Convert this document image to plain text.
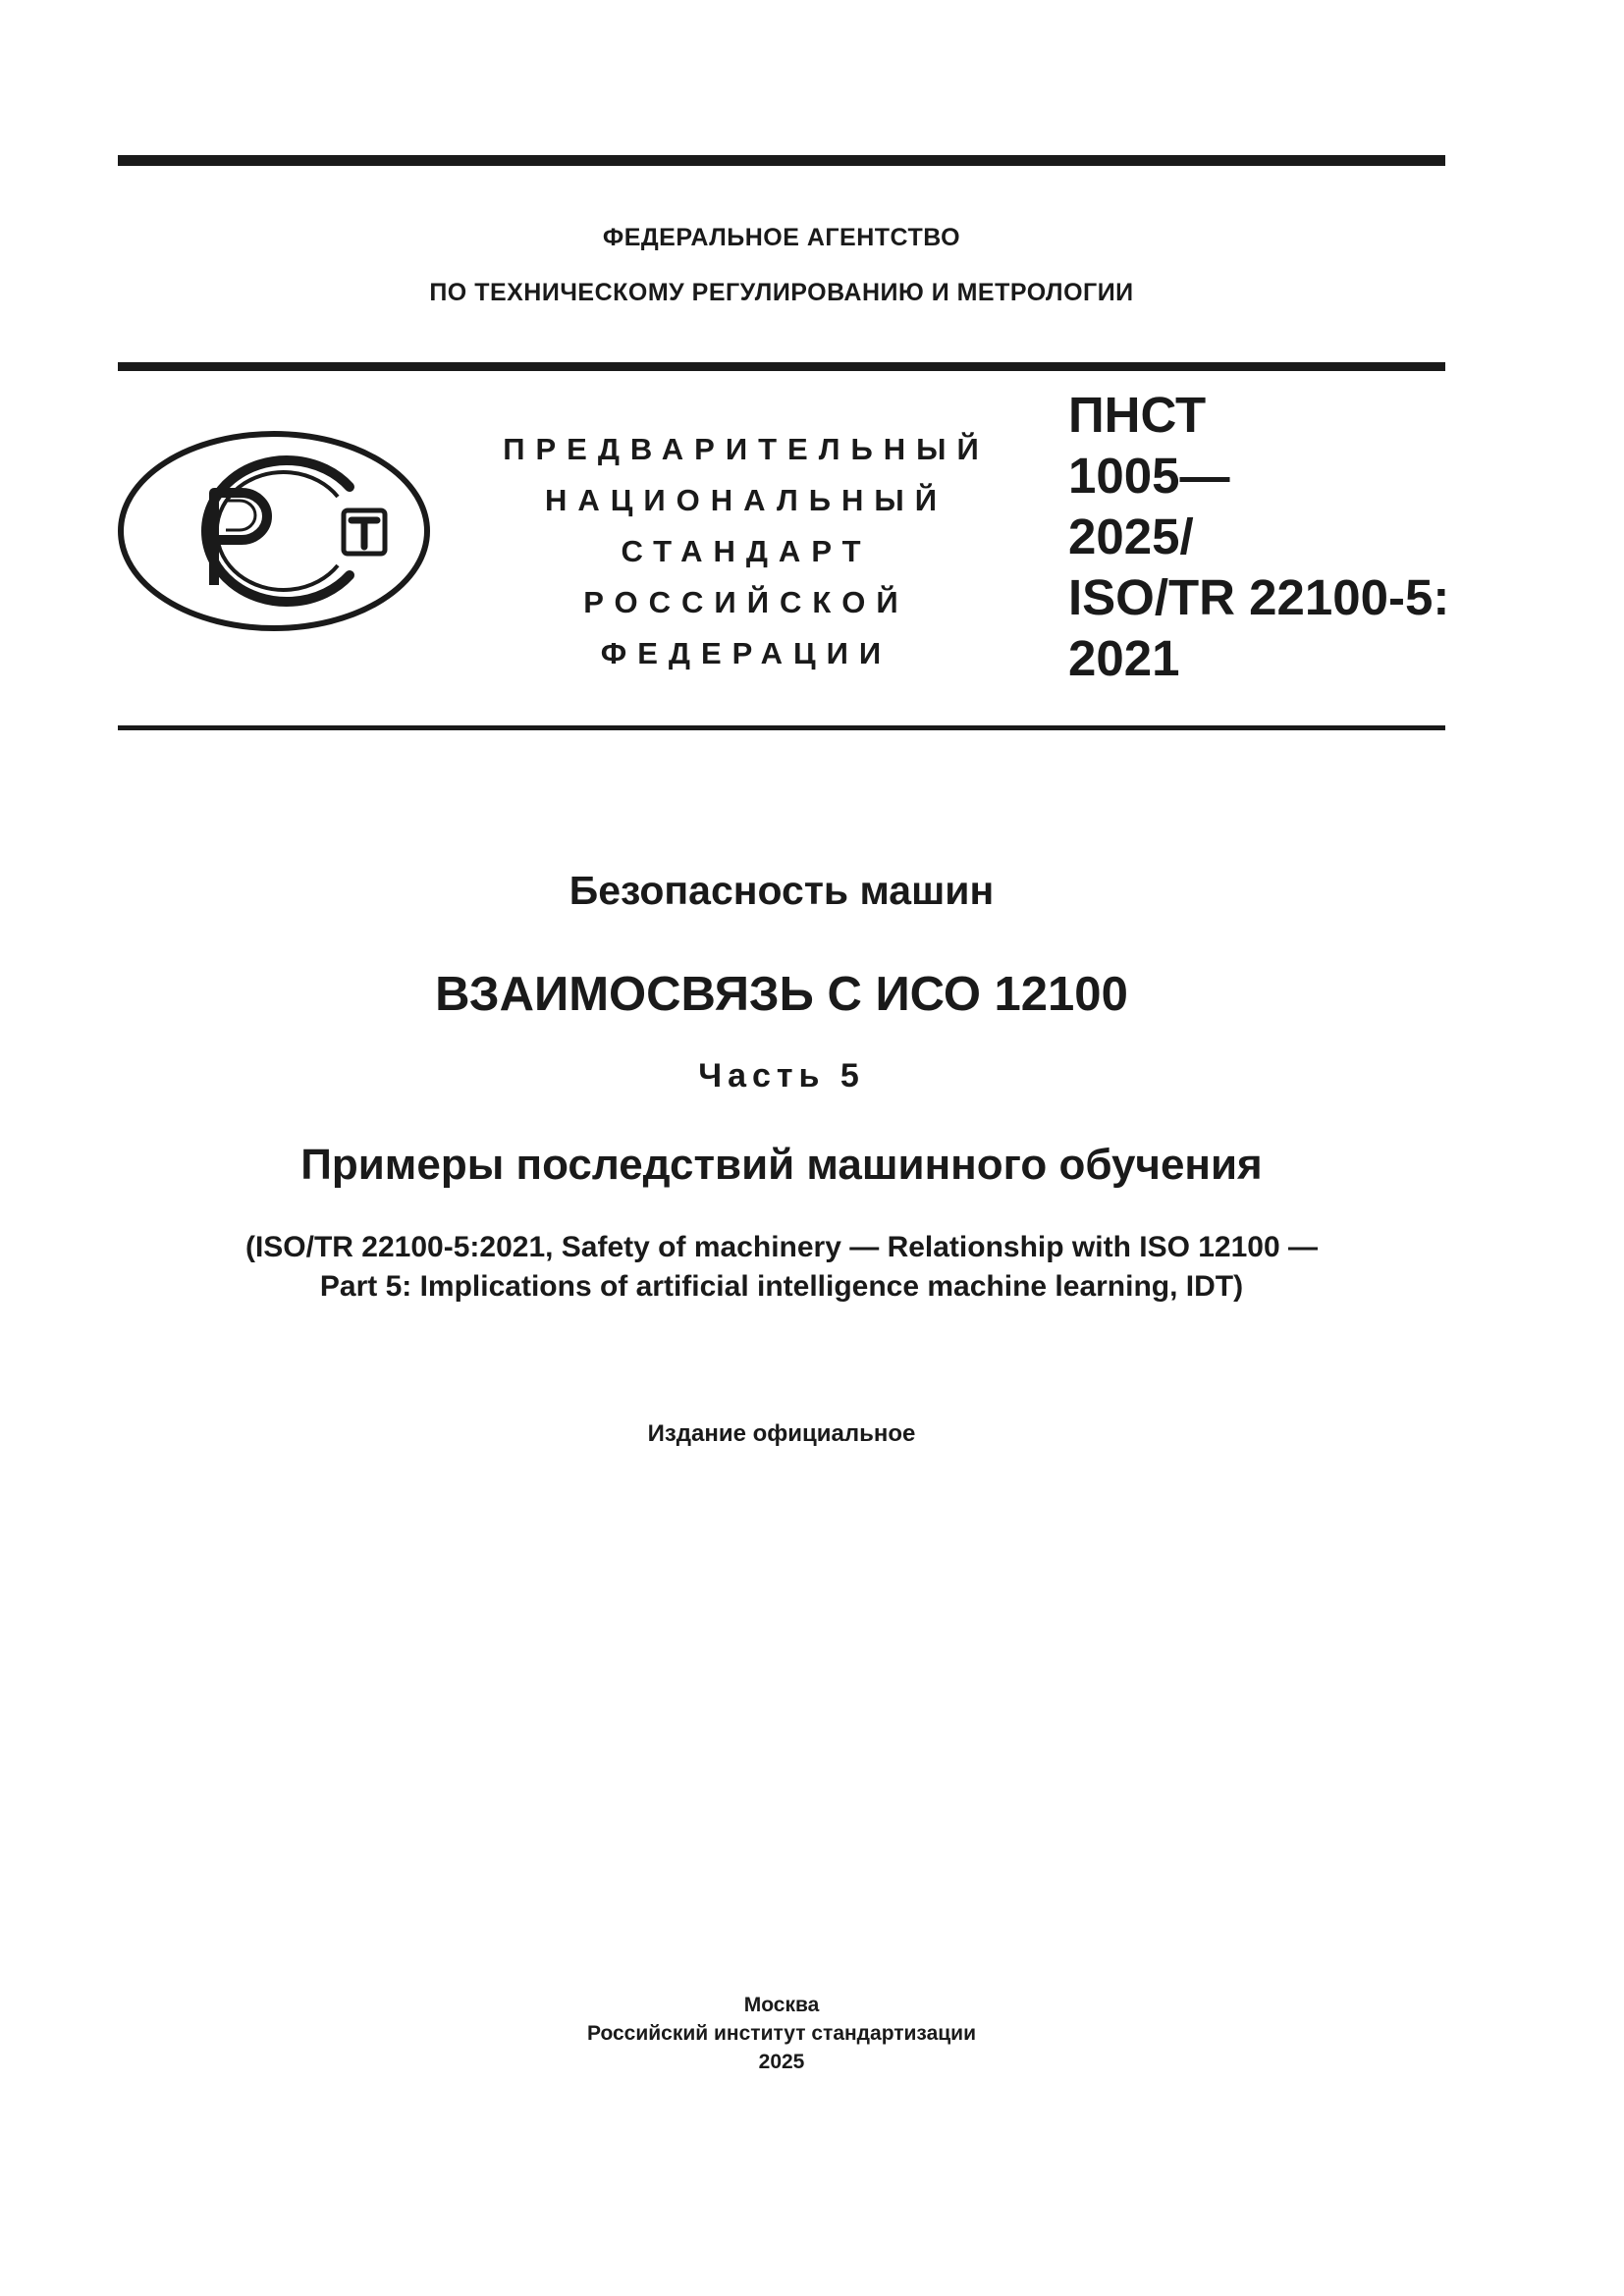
ФЕДЕРАЛЬНОЕ АГЕНТСТВО
ПО ТЕХНИЧЕСКОМУ РЕГУЛИРОВАНИЮ И МЕТРОЛОГИИ
ПРЕДВАРИТЕЛЬНЫЙ
НАЦИОНАЛЬНЫЙ
СТАНДАРТ
РОССИЙСКОЙ
ФЕДЕРАЦИИ
ПНСТ
1005—
2025/
ISO/TR 22100-5:
2021
Безопасность машин
ВЗАИМОСВЯЗЬ С ИСО 12100
Часть 5
Примеры последствий машинного обучения
(ISO/TR 22100-5:2021, Safety of machinery — Relationship with ISO 12100 —
Part 5: Implications of artificial intelligence machine learning, IDT)
Издание официальное
Москва
Российский институт стандартизации
2025
